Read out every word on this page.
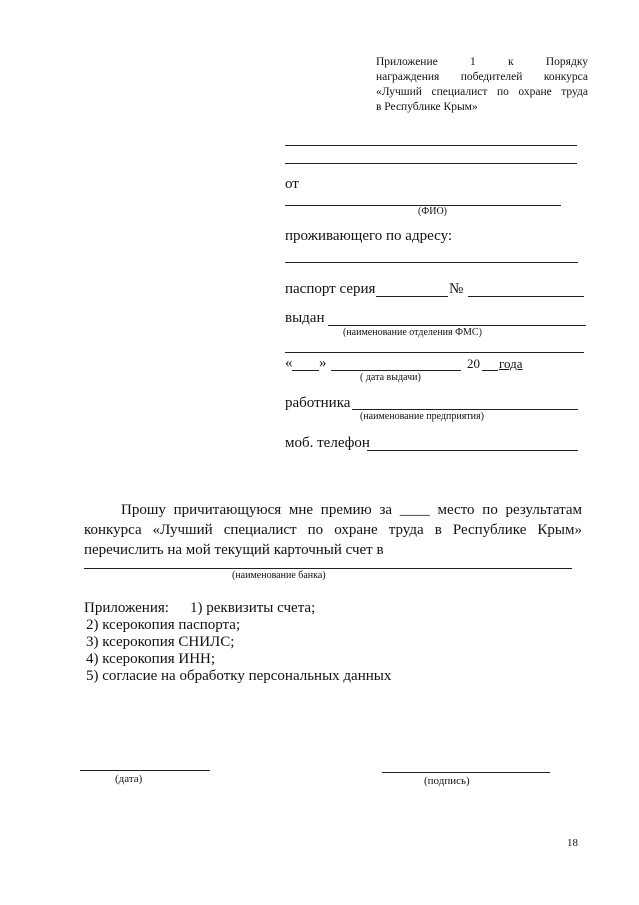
Приложение 1 к Порядку
награждения победителей конкурса
«Лучший специалист по охране труда
в Республике Крым»
от
(ФИО)
проживающего по адресу:
паспорт серия	№
выдан
(наименование отделения ФМС)
« »	20 года
( дата выдачи)
работника
(наименование предприятия)
моб. телефон
Прошу причитающуюся мне премию за ____ место по результатам
конкурса «Лучший специалист по охране труда в Республике Крым»
перечислить на мой текущий карточный счет в
(наименование банка)
Приложения: 1) реквизиты счета;
2) ксерокопия паспорта;
3) ксерокопия СНИЛС;
4) ксерокопия ИНН;
5) согласие на обработку персональных данных
(дата)	(подпись)
18
